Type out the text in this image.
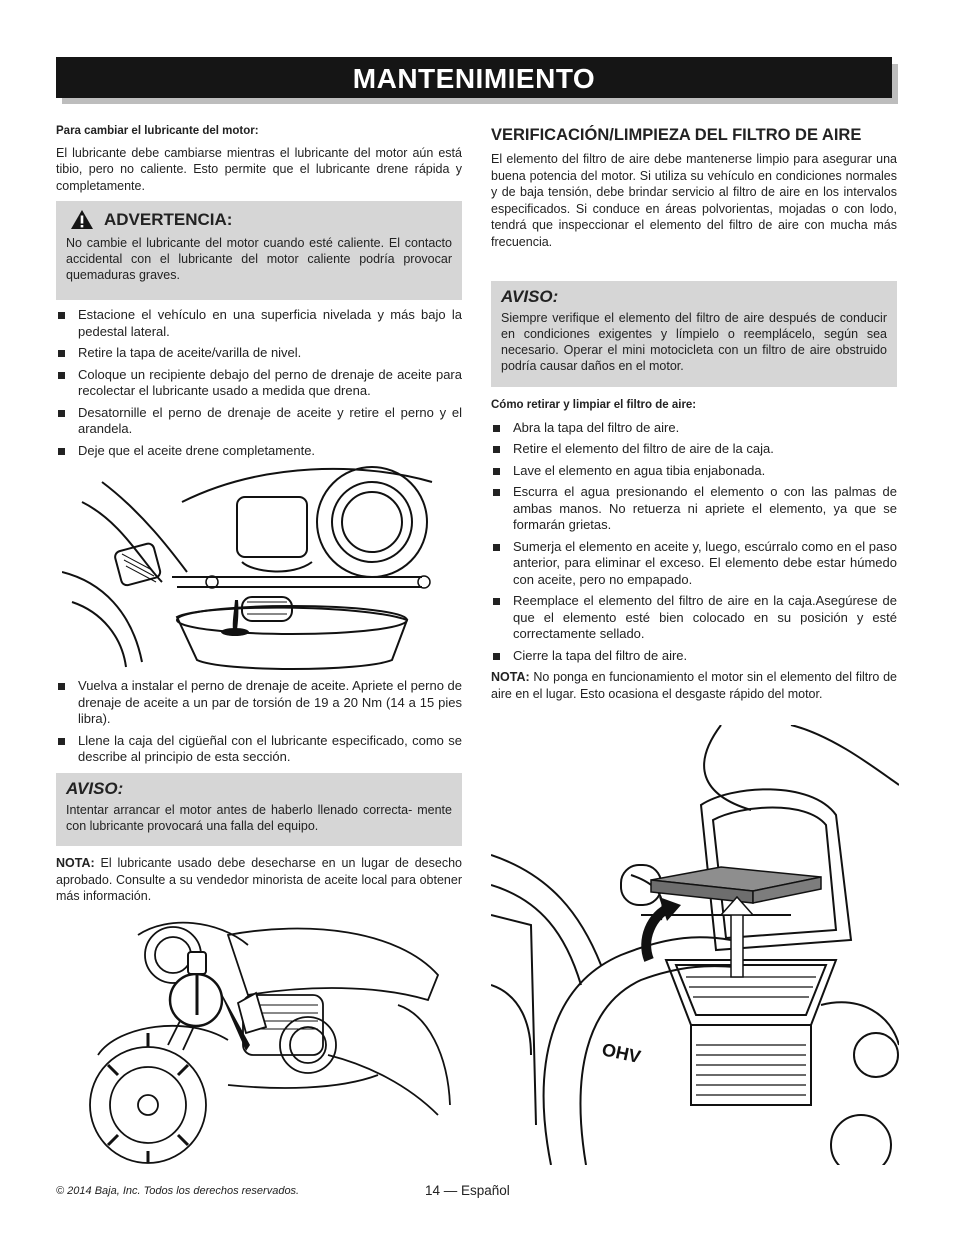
MANTENIMIENTO

Para cambiar el lubricante del motor:

El lubricante debe cambiarse mientras el lubricante del motor aún está tibio, pero no caliente. Esto permite que el lubricante drene rápida y completamente.

ADVERTENCIA:

No cambie el lubricante del motor cuando esté caliente. El contacto accidental con el lubricante del motor caliente podría provocar quemaduras graves.

Estacione el vehículo en una superficia nivelada y más bajo la pedestal lateral.
Retire la tapa de aceite/varilla de nivel.
Coloque un recipiente debajo del perno de drenaje de aceite para recolectar el lubricante usado a medida que drena.
Desatornille el perno de drenaje de aceite y retire el perno y el arandela.
Deje que el aceite drene completamente.
Vuelva a instalar el perno de drenaje de aceite. Apriete el perno de drenaje de aceite a un par de torsión de 19 a 20 Nm (14 a 15 pies libra).
Llene la caja del cigüeñal con el lubricante especificado, como se describe al principio de esta sección.
AVISO:

Intentar arrancar el motor antes de haberlo llenado correcta- mente con lubricante provocará una falla del equipo.

NOTA: El lubricante usado debe desecharse en un lugar de desecho aprobado. Consulte a su vendedor minorista de aceite local para obtener más información.

VERIFICACIÓN/LIMPIEZA DEL FILTRO DE AIRE

El elemento del filtro de aire debe mantenerse limpio para asegurar una buena potencia del motor. Si utiliza su vehículo en condiciones normales y de baja tensión, debe brindar servicio al filtro de aire en los intervalos especificados. Si conduce en áreas polvorientas, mojadas o con lodo, tendrá que inspeccionar el elemento del filtro de aire con mucha más frecuencia.

AVISO:

Siempre verifique el elemento del filtro de aire después de conducir en condiciones exigentes y límpielo o reemplácelo, según sea necesario. Operar el mini motocicleta con un filtro de aire obstruido podría causar daños en el motor.

Cómo retirar y limpiar el filtro de aire:

Abra la tapa del filtro de aire.
Retire el elemento del filtro de aire de la caja.
Lave el elemento en agua tibia enjabonada.
Escurra el agua presionando el elemento o con las palmas de ambas manos. No retuerza ni apriete el elemento, ya que se formarán grietas.
Sumerja el elemento en aceite y, luego, escúrralo como en el paso anterior, para eliminar el exceso. El elemento debe estar húmedo con aceite, pero no empapado.
Reemplace el elemento del filtro de aire en la caja.Asegúrese de que el elemento esté bien colocado en su posición y esté correctamente sellado.
Cierre la tapa del filtro de aire.

NOTA: No ponga en funcionamiento el motor sin el elemento del filtro de aire en el lugar. Esto ocasiona el desgaste rápido del motor.

OHV
© 2014 Baja, Inc. Todos los derechos reservados.	14 — Español
